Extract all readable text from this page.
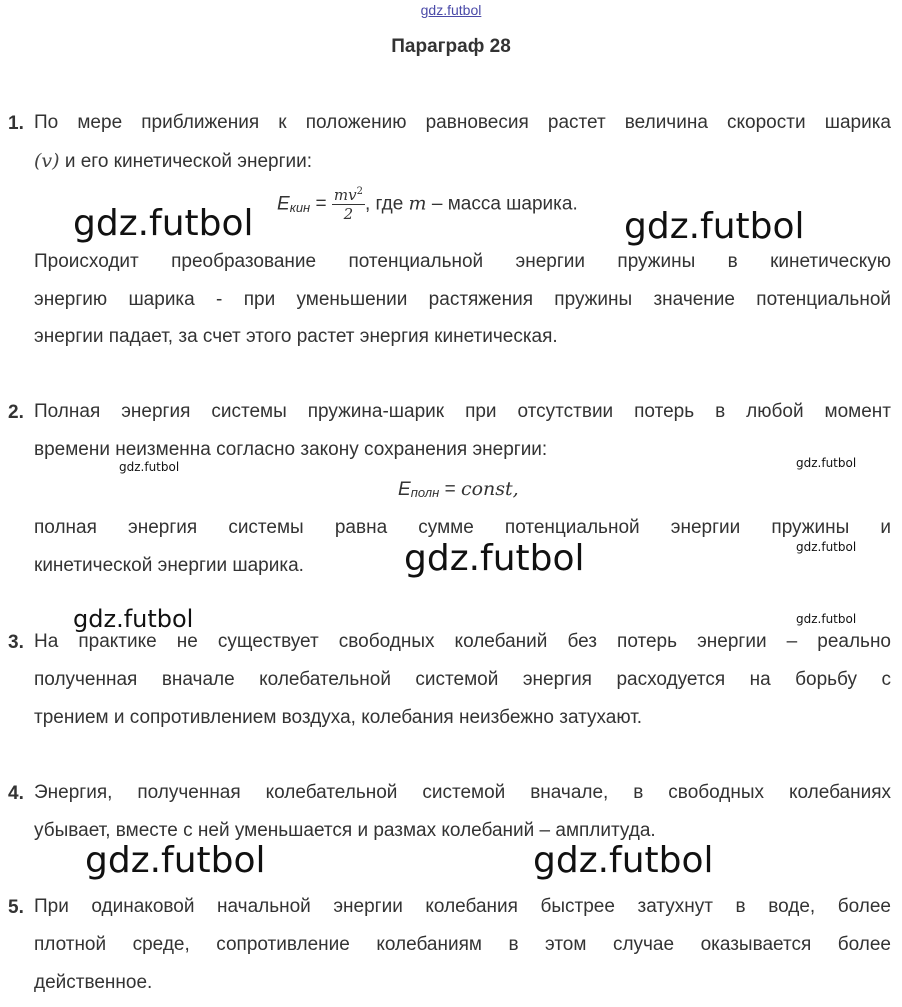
gdz.futbol
Параграф 28
1. По мере приближения к положению равновесия растет величина скорости шарика
(v) и его кинетической энергии:
Eкин = $\frac{mv^2}{2}$ , где m – масса шарика.
Происходит преобразование потенциальной энергии пружины в кинетическую
энергию шарика - при уменьшении растяжения пружины значение потенциальной
энергии падает, за счет этого растет энергия кинетическая.
2. Полная энергия системы пружина-шарик при отсутствии потерь в любой момент
времени неизменна согласно закону сохранения энергии:
Eполн = const,
полная энергия системы равна сумме потенциальной энергии пружины и
кинетической энергии шарика.
3. На практике не существует свободных колебаний без потерь энергии – реально
полученная вначале колебательной системой энергия расходуется на борьбу с
трением и сопротивлением воздуха, колебания неизбежно затухают.
4. Энергия, полученная колебательной системой вначале, в свободных колебаниях
убывает, вместе с ней уменьшается и размах колебаний – амплитуда.
5. При одинаковой начальной энергии колебания быстрее затухнут в воде, более
плотной среде, сопротивление колебаниям в этом случае оказывается более
действенное.
gdz.futbol	gdz.futbol
gdz.futbol	gdz.futbol
gdz.futbol
gdz.futbol
gdz.futbol	gdz.futbol
gdz.futbol	gdz.futbol
